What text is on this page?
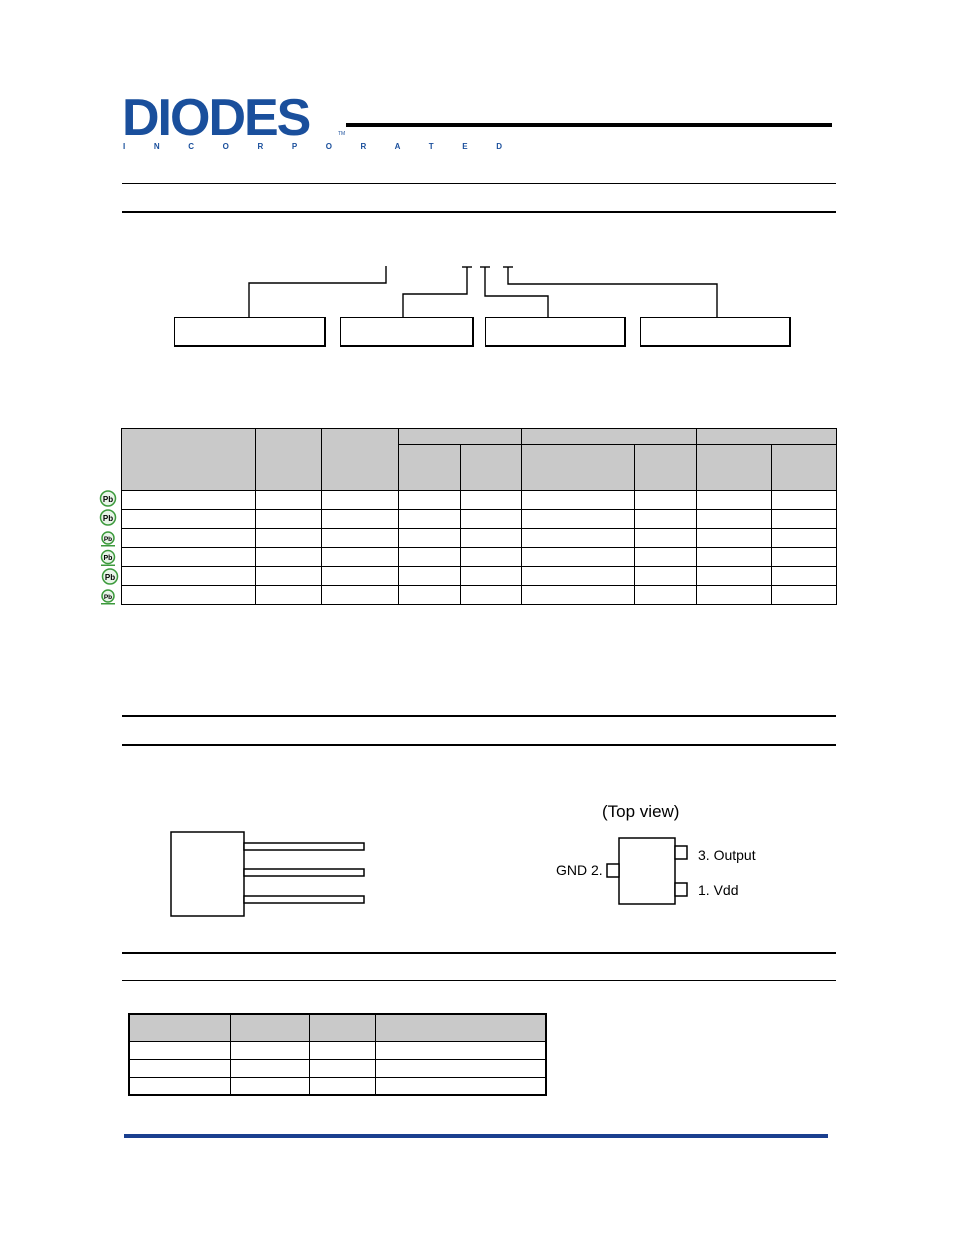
DIODES	TM
I N C O R P O R A T E D

Pb
Pb
Pb
Pb
Pb
Pb
(Top view)
GND 2.
3. Output
1. Vdd
